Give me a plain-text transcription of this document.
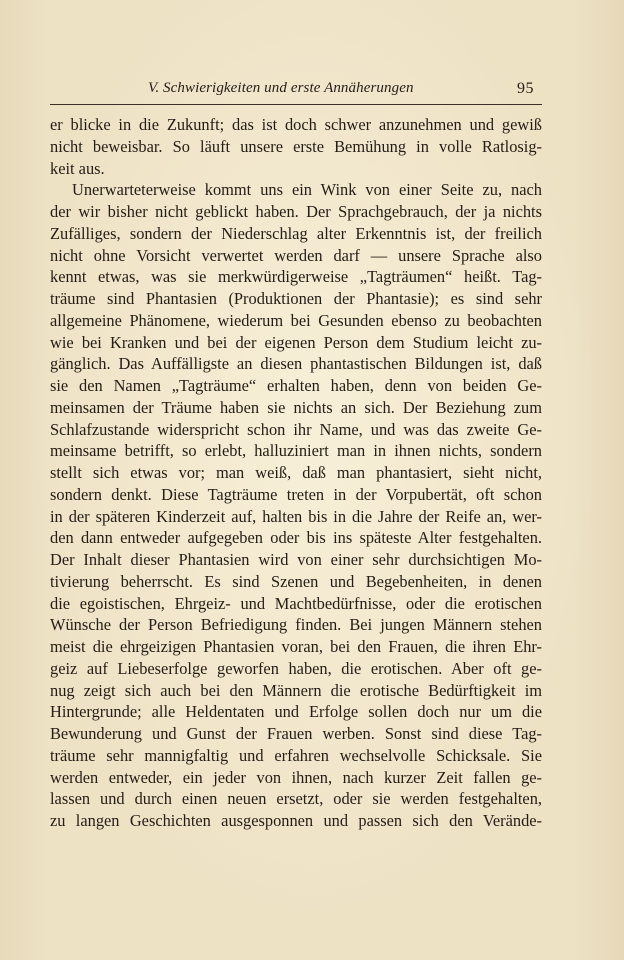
V. Schwierigkeiten und erste Annäherungen	95
er blicke in die Zukunft; das ist doch schwer anzunehmen und gewiß
nicht beweisbar. So läuft unsere erste Bemühung in volle Ratlosig-
keit aus.
Unerwarteterweise kommt uns ein Wink von einer Seite zu, nach
der wir bisher nicht geblickt haben. Der Sprachgebrauch, der ja nichts
Zufälliges, sondern der Niederschlag alter Erkenntnis ist, der freilich
nicht ohne Vorsicht verwertet werden darf — unsere Sprache also
kennt etwas, was sie merkwürdigerweise „Tagträumen“ heißt. Tag-
träume sind Phantasien (Produktionen der Phantasie); es sind sehr
allgemeine Phänomene, wiederum bei Gesunden ebenso zu beobachten
wie bei Kranken und bei der eigenen Person dem Studium leicht zu-
gänglich. Das Auffälligste an diesen phantastischen Bildungen ist, daß
sie den Namen „Tagträume“ erhalten haben, denn von beiden Ge-
meinsamen der Träume haben sie nichts an sich. Der Beziehung zum
Schlafzustande widerspricht schon ihr Name, und was das zweite Ge-
meinsame betrifft, so erlebt, halluziniert man in ihnen nichts, sondern
stellt sich etwas vor; man weiß, daß man phantasiert, sieht nicht,
sondern denkt. Diese Tagträume treten in der Vorpubertät, oft schon
in der späteren Kinderzeit auf, halten bis in die Jahre der Reife an, wer-
den dann entweder aufgegeben oder bis ins späteste Alter festgehalten.
Der Inhalt dieser Phantasien wird von einer sehr durchsichtigen Mo-
tivierung beherrscht. Es sind Szenen und Begebenheiten, in denen
die egoistischen, Ehrgeiz- und Machtbedürfnisse, oder die erotischen
Wünsche der Person Befriedigung finden. Bei jungen Männern stehen
meist die ehrgeizigen Phantasien voran, bei den Frauen, die ihren Ehr-
geiz auf Liebeserfolge geworfen haben, die erotischen. Aber oft ge-
nug zeigt sich auch bei den Männern die erotische Bedürftigkeit im
Hintergrunde; alle Heldentaten und Erfolge sollen doch nur um die
Bewunderung und Gunst der Frauen werben. Sonst sind diese Tag-
träume sehr mannigfaltig und erfahren wechselvolle Schicksale. Sie
werden entweder, ein jeder von ihnen, nach kurzer Zeit fallen ge-
lassen und durch einen neuen ersetzt, oder sie werden festgehalten,
zu langen Geschichten ausgesponnen und passen sich den Verände-
